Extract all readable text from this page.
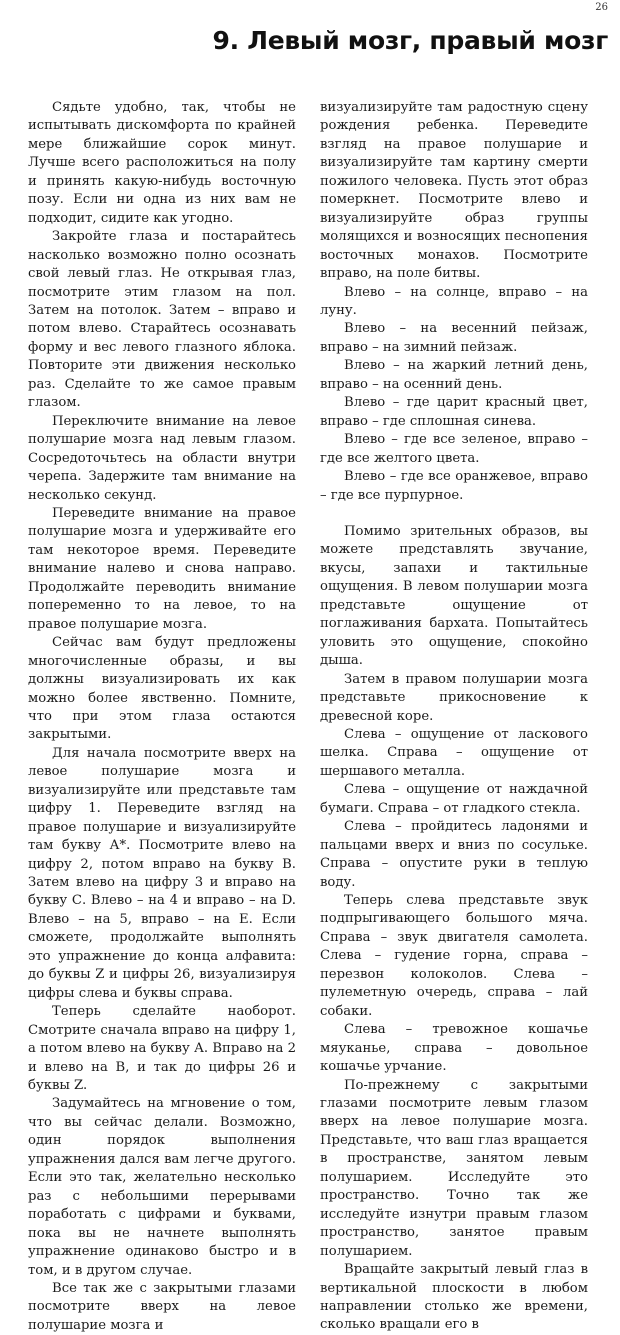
26
9. Левый мозг, правый мозг

Сядьте удобно, так, чтобы не испытывать дискомфорта по крайней мере ближайшие сорок минут. Лучше всего расположиться на полу и принять какую-нибудь восточную позу. Если ни одна из них вам не подходит, сидите как угодно.

Закройте глаза и постарайтесь насколько возможно полно осознать свой левый глаз. Не открывая глаз, посмотрите этим глазом на пол. Затем на потолок. Затем – вправо и потом влево. Старайтесь осознавать форму и вес левого глазного яблока. Повторите эти движения несколько раз. Сделайте то же самое правым глазом.

Переключите внимание на левое полушарие мозга над левым глазом. Сосредоточьтесь на области внутри черепа. Задержите там внимание на несколько секунд.

Переведите внимание на правое полушарие мозга и удерживайте его там некоторое время. Переведите внимание налево и снова направо. Продолжайте переводить внимание попеременно то на левое, то на правое полушарие мозга.

Сейчас вам будут предложены многочисленные образы, и вы должны визуализировать их как можно более явственно. Помните, что при этом глаза остаются закрытыми.

Для начала посмотрите вверх на левое полушарие мозга и визуализируйте или представьте там цифру 1. Переведите взгляд на правое полушарие и визуализируйте там букву А*. Посмотрите влево на цифру 2, потом вправо на букву В. Затем влево на цифру 3 и вправо на букву С. Влево – на 4 и вправо – на D. Влево – на 5, вправо – на Е. Если сможете, продолжайте выполнять это упражнение до конца алфавита: до буквы Z и цифры 26, визуализируя цифры слева и буквы справа.

Теперь сделайте наоборот. Смотрите сначала вправо на цифру 1, а потом влево на букву А. Вправо на 2 и влево на В, и так до цифры 26 и буквы Z.

Задумайтесь на мгновение о том, что вы сейчас делали. Возможно, один порядок выполнения упражнения дался вам легче другого. Если это так, желательно несколько раз с небольшими перерывами поработать с цифрами и буквами, пока вы не начнете выполнять упражнение одинаково быстро и в том, и в другом случае.

Все так же с закрытыми глазами посмотрите вверх на левое полушарие мозга и

визуализируйте там радостную сцену рождения ребенка. Переведите взгляд на правое полушарие и визуализируйте там картину смерти пожилого человека. Пусть этот образ померкнет. Посмотрите влево и визуализируйте образ группы молящихся и возносящих песнопения восточных монахов. Посмотрите вправо, на поле битвы.

Влево – на солнце, вправо – на луну.

Влево – на весенний пейзаж, вправо – на зимний пейзаж.

Влево – на жаркий летний день, вправо – на осенний день.

Влево – где царит красный цвет, вправо – где сплошная синева.

Влево – где все зеленое, вправо – где все желтого цвета.

Влево – где все оранжевое, вправо – где все пурпурное.

Помимо зрительных образов, вы можете представлять звучание, вкусы, запахи и тактильные ощущения. В левом полушарии мозга представьте ощущение от поглаживания бархата. Попытайтесь уловить это ощущение, спокойно дыша.

Затем в правом полушарии мозга представьте прикосновение к древесной коре.

Слева – ощущение от ласкового шелка. Справа – ощущение от шершавого металла.

Слева – ощущение от наждачной бумаги. Справа – от гладкого стекла.

Слева – пройдитесь ладонями и пальцами вверх и вниз по сосульке. Справа – опустите руки в теплую воду.

Теперь слева представьте звук подпрыгивающего большого мяча. Справа – звук двигателя самолета. Слева – гудение горна, справа – перезвон колоколов. Слева – пулеметную очередь, справа – лай собаки.

Слева – тревожное кошачье мяуканье, справа – довольное кошачье урчание.

По-прежнему с закрытыми глазами посмотрите левым глазом вверх на левое полушарие мозга. Представьте, что ваш глаз вращается в пространстве, занятом левым полушарием. Исследуйте это пространство. Точно так же исследуйте изнутри правым глазом пространство, занятое правым полушарием.

Вращайте закрытый левый глаз в вертикальной плоскости в любом направлении столько же времени, сколько вращали его в
